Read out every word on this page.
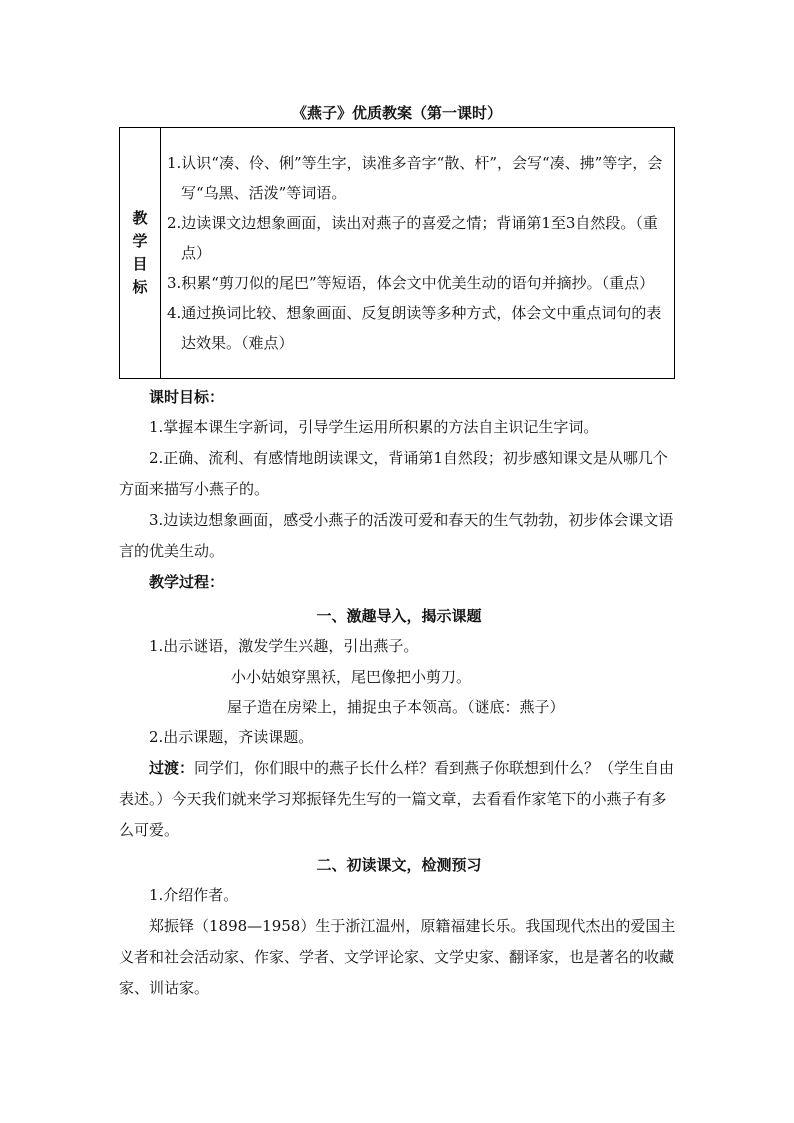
《燕子》优质教案（第一课时）
教
学
目
标

1.认识“凑、伶、俐”等生字，读准多音字“散、杆”，会写“凑、拂”等字，会写“乌黑、活泼”等词语。
2.边读课文边想象画面，读出对燕子的喜爱之情；背诵第1至3自然段。（重点）
3.积累“剪刀似的尾巴”等短语，体会文中优美生动的语句并摘抄。（重点）
4.通过换词比较、想象画面、反复朗读等多种方式，体会文中重点词句的表达效果。（难点）
课时目标：
1.掌握本课生字新词，引导学生运用所积累的方法自主识记生字词。
2.正确、流利、有感情地朗读课文，背诵第1自然段；初步感知课文是从哪几个方面来描写小燕子的。
3.边读边想象画面，感受小燕子的活泼可爱和春天的生气勃勃，初步体会课文语言的优美生动。
教学过程：
一、激趣导入，揭示课题
1.出示谜语，激发学生兴趣，引出燕子。
小小姑娘穿黑袄，尾巴像把小剪刀。
屋子造在房梁上，捕捉虫子本领高。（谜底：燕子）
2.出示课题，齐读课题。
过渡：同学们，你们眼中的燕子长什么样？看到燕子你联想到什么？（学生自由表述。）今天我们就来学习郑振铎先生写的一篇文章，去看看作家笔下的小燕子有多么可爱。
二、初读课文，检测预习
1.介绍作者。
郑振铎（1898—1958）生于浙江温州，原籍福建长乐。我国现代杰出的爱国主义者和社会活动家、作家、学者、文学评论家、文学史家、翻译家，也是著名的收藏家、训诂家。
